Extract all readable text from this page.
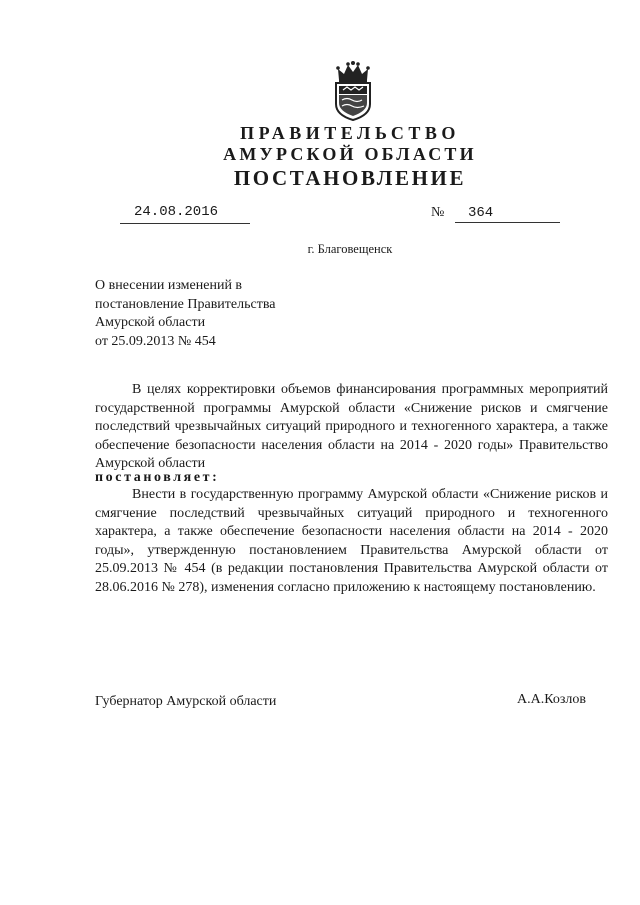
ПРАВИТЕЛЬСТВО
АМУРСКОЙ ОБЛАСТИ
ПОСТАНОВЛЕНИЕ
24.08.2016	№ 364
г. Благовещенск
О внесении изменений в
постановление Правительства
Амурской области
от 25.09.2013 № 454
В целях корректировки объемов финансирования программных мероприятий государственной программы Амурской области «Снижение рисков и смягчение последствий чрезвычайных ситуаций природного и техногенного характера, а также обеспечение безопасности населения области на 2014 - 2020 годы» Правительство Амурской области
постановляет:
Внести в государственную программу Амурской области «Снижение рисков и смягчение последствий чрезвычайных ситуаций природного и техногенного характера, а также обеспечение безопасности населения области на 2014 - 2020 годы», утвержденную постановлением Правительства Амурской области от 25.09.2013 № 454 (в редакции постановления Правительства Амурской области от 28.06.2016 № 278), изменения согласно приложению к настоящему постановлению.
Губернатор Амурской области	А.А.Козлов
